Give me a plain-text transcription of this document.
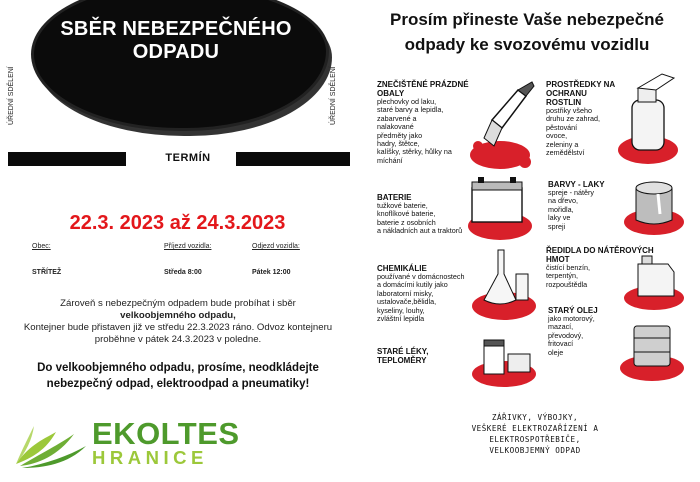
SBĚR NEBEZPEČNÉHO
ODPADU
ÚŘEDNÍ SDĚLENÍ	ÚŘEDNÍ SDĚLENÍ
TERMÍN
22.3. 2023 až 24.3.2023
Obec:	Příjezd vozidla:	Odjezd vozidla:
STŘÍTEŽ	Středa 8:00	Pátek 12:00
Zároveň s nebezpečným odpadem bude probíhat i sběr
velkoobjemného odpadu,
Kontejner bude přistaven již ve středu 22.3.2023 ráno. Odvoz kontejneru
proběhne v pátek 24.3.2023 v poledne.
Do velkoobjemného odpadu, prosíme, neodkládejte
nebezpečný odpad, elektroodpad a pneumatiky!
EKOLTES
HRANICE
Prosím přineste Vaše nebezpečné
odpady ke svozovému vozidlu
ZNEČIŠTĚNÉ PRÁZDNÉ
OBALY
plechovky od laku,
staré barvy a lepidla,
zabarvené a
nalakované
předměty jako
hadry, štětce,
kalíšky, stěrky, hůlky na
míchání
PROSTŘEDKY NA
OCHRANU
ROSTLIN
postřiky všeho
druhu ze zahrad,
pěstování
ovoce,
zeleniny a
zemědělství
BATERIE
tužkové baterie,
knoflíkové baterie,
baterie z osobních
a nákladních aut a traktorů
BARVY - LAKY
spreje - nátěry
na dřevo,
mořidla,
laky ve
spreji
CHEMIKÁLIE
používané v domácnostech
a domácími kutily jako
laboratorní misky,
ustalovače,bělidla,
kyseliny, louhy,
zvláštní lepidla
ŘEDIDLA DO NÁTĚROVÝCH
HMOT
čistící benzín,
terpentýn,
rozpouštědla
STARÝ OLEJ
jako motorový,
mazací,
převodový,
fritovací
oleje
STARÉ LÉKY,
TEPLOMĚRY
ZÁŘIVKY, VÝBOJKY,
VEŠKERÉ ELEKTROZAŘÍZENÍ A
ELEKTROSPOTŘEBIČE,
VELKOOBJEMNÝ ODPAD
